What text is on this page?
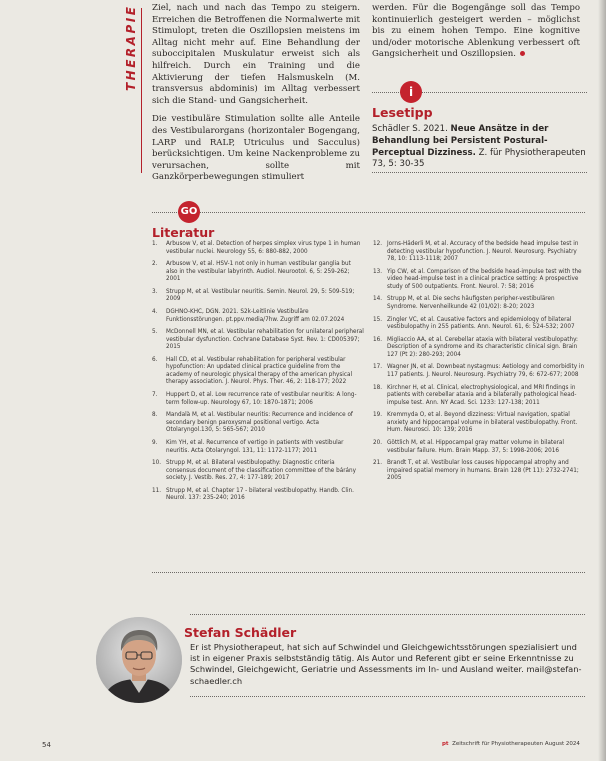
THERAPIE Ziel, nach und nach das Tempo zu steigern. Erreichen die Betroffenen die Normalwerte mit Stimulopt, treten die Oszillopsien meistens im Alltag nicht mehr auf. Eine Behandlung der suboccipitalen Muskulatur erweist sich als hilfreich. Durch ein Training und die Aktivierung der tiefen Halsmuskeln (M. transversus abdominis) im Alltag verbessert sich die Stand- und Gangsicherheit.

Die vestibuläre Stimulation sollte alle Anteile des Vestibularorgans (horizontaler Bogengang, LARP und RALP, Utriculus und Sacculus) berücksichtigen. Um keine Nackenprobleme zu verursachen, sollte mit Ganzkörperbewegungen stimuliert

werden. Für die Bogengänge soll das Tempo kontinuierlich gesteigert werden – möglichst bis zu einem hohen Tempo. Eine kognitive und/oder motorische Ablenkung verbessert oft Gangsicherheit und Oszillopsien.

i
Lesetipp
Schädler S. 2021. Neue Ansätze in der Behandlung bei Persistent Postural-Perceptual Dizziness. Z. für Physiotherapeuten 73, 5: 30-35
GO
Literatur
1. Arbusow V, et al. Detection of herpes simplex virus type 1 in human vestibular nuclei. Neurology 55, 6: 880-882, 2000
2. Arbusow V, et al. HSV-1 not only in human vestibular ganglia but also in the vestibular labyrinth. Audiol. Neurootol. 6, 5: 259-262; 2001
3. Strupp M, et al. Vestibular neuritis. Semin. Neurol. 29, 5: 509-519; 2009
4. DGHNO-KHC, DGN. 2021. S2k-Leitlinie Vestibuläre Funktionsstörungen. pt.ppv.media/7hw. Zugriff am 02.07.2024
5. McDonnell MN, et al. Vestibular rehabilitation for unilateral peripheral vestibular dysfunction. Cochrane Database Syst. Rev. 1: CD005397; 2015
6. Hall CD, et al. Vestibular rehabilitation for peripheral vestibular hypofunction: An updated clinical practice guideline from the academy of neurologic physical therapy of the american physical therapy association. J. Neurol. Phys. Ther. 46, 2: 118-177; 2022
7. Huppert D, et al. Low recurrence rate of vestibular neuritis: A long-term follow-up. Neurology 67, 10: 1870-1871; 2006
8. Mandalà M, et al. Vestibular neuritis: Recurrence and incidence of secondary benign paroxysmal positional vertigo. Acta Otolaryngol.130, 5: 565-567; 2010
9. Kim YH, et al. Recurrence of vertigo in patients with vestibular neuritis. Acta Otolaryngol. 131, 11: 1172-1177; 2011
10. Strupp M, et al. Bilateral vestibulopathy: Diagnostic criteria consensus document of the classification committee of the bárány society. J. Vestib. Res. 27, 4: 177-189; 2017
11. Strupp M, et al. Chapter 17 - bilateral vestibulopathy. Handb. Clin. Neurol. 137: 235-240; 2016
12. Jorns-Häderli M, et al. Accuracy of the bedside head impulse test in detecting vestibular hypofunction. J. Neurol. Neurosurg. Psychiatry 78, 10: 1113-1118; 2007
13. Yip CW, et al. Comparison of the bedside head-impulse test with the video head-impulse test in a clinical practice setting: A prospective study of 500 outpatients. Front. Neurol. 7: 58; 2016
14. Strupp M, et al. Die sechs häufigsten peripher-vestibulären Syndrome. Nervenheilkunde 42 (01/02): 8-20; 2023
15. Zingler VC, et al. Causative factors and epidemiology of bilateral vestibulopathy in 255 patients. Ann. Neurol. 61, 6: 524-532; 2007
16. Migliaccio AA, et al. Cerebellar ataxia with bilateral vestibulopathy: Description of a syndrome and its characteristic clinical sign. Brain 127 (Pt 2): 280-293; 2004
17. Wagner JN, et al. Downbeat nystagmus: Aetiology and comorbidity in 117 patients. J. Neurol. Neurosurg. Psychiatry 79, 6: 672-677; 2008
18. Kirchner H, et al. Clinical, electrophysiological, and MRI findings in patients with cerebellar ataxia and a bilaterally pathological head-impulse test. Ann. NY Acad. Sci. 1233: 127-138; 2011
19. Kremmyda O, et al. Beyond dizziness: Virtual navigation, spatial anxiety and hippocampal volume in bilateral vestibulopathy. Front. Hum. Neurosci. 10: 139; 2016
20. Göttlich M, et al. Hippocampal gray matter volume in bilateral vestibular failure. Hum. Brain Mapp. 37, 5: 1998-2006; 2016
21. Brandt T, et al. Vestibular loss causes hippocampal atrophy and impaired spatial memory in humans. Brain 128 (Pt 11): 2732-2741; 2005
Stefan Schädler
Er ist Physiotherapeut, hat sich auf Schwindel und Gleichgewichtsstörungen spezialisiert und ist in eigener Praxis selbstständig tätig. Als Autor und Referent gibt er seine Erkenntnisse zu Schwindel, Gleichgewicht, Geriatrie und Assessments im In- und Ausland weiter. mail@stefan-schaedler.ch
54	pt Zeitschrift für Physiotherapeuten August 2024
